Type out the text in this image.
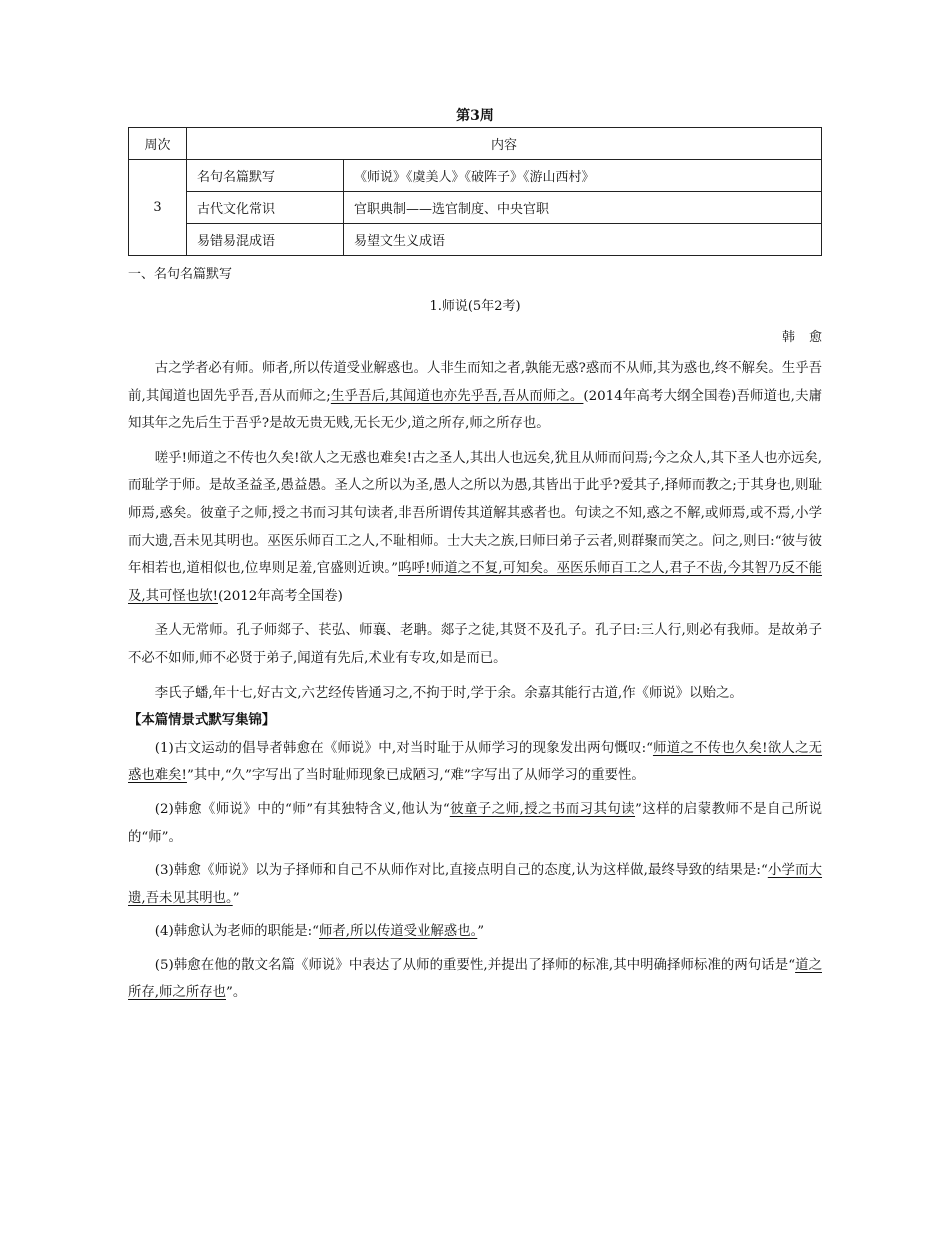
第3周
周次	内容	
3	名句名篇默写	《师说》《虞美人》《破阵子》《游山西村》
	古代文化常识	官职典制——选官制度、中央官职
	易错易混成语	易望文生义成语
一、名句名篇默写
1.师说(5年2考)
韩愈

古之学者必有师。师者,所以传道受业解惑也。人非生而知之者,孰能无惑?惑而不从师,其为惑也,终不解矣。生乎吾前,其闻道也固先乎吾,吾从而师之;生乎吾后,其闻道也亦先乎吾,吾从而师之。(2014年高考大纲全国卷)吾师道也,夫庸知其年之先后生于吾乎?是故无贵无贱,无长无少,道之所存,师之所存也。

嗟乎!师道之不传也久矣!欲人之无惑也难矣!古之圣人,其出人也远矣,犹且从师而问焉;今之众人,其下圣人也亦远矣,而耻学于师。是故圣益圣,愚益愚。圣人之所以为圣,愚人之所以为愚,其皆出于此乎?爱其子,择师而教之;于其身也,则耻师焉,惑矣。彼童子之师,授之书而习其句读者,非吾所谓传其道解其惑者也。句读之不知,惑之不解,或师焉,或不焉,小学而大遗,吾未见其明也。巫医乐师百工之人,不耻相师。士大夫之族,曰师曰弟子云者,则群聚而笑之。问之,则曰:“彼与彼年相若也,道相似也,位卑则足羞,官盛则近谀。”呜呼!师道之不复,可知矣。巫医乐师百工之人,君子不齿,今其智乃反不能及,其可怪也欤!(2012年高考全国卷)

圣人无常师。孔子师郯子、苌弘、师襄、老聃。郯子之徒,其贤不及孔子。孔子曰:三人行,则必有我师。是故弟子不必不如师,师不必贤于弟子,闻道有先后,术业有专攻,如是而已。

李氏子蟠,年十七,好古文,六艺经传皆通习之,不拘于时,学于余。余嘉其能行古道,作《师说》以贻之。

【本篇情景式默写集锦】

(1)古文运动的倡导者韩愈在《师说》中,对当时耻于从师学习的现象发出两句慨叹:“师道之不传也久矣!欲人之无惑也难矣!”其中,“久”字写出了当时耻师现象已成陋习,“难”字写出了从师学习的重要性。

(2)韩愈《师说》中的“师”有其独特含义,他认为“彼童子之师,授之书而习其句读”这样的启蒙教师不是自己所说的“师”。

(3)韩愈《师说》以为子择师和自己不从师作对比,直接点明自己的态度,认为这样做,最终导致的结果是:“小学而大遗,吾未见其明也。”

(4)韩愈认为老师的职能是:“师者,所以传道受业解惑也。”

(5)韩愈在他的散文名篇《师说》中表达了从师的重要性,并提出了择师的标准,其中明确择师标准的两句话是“道之所存,师之所存也”。
